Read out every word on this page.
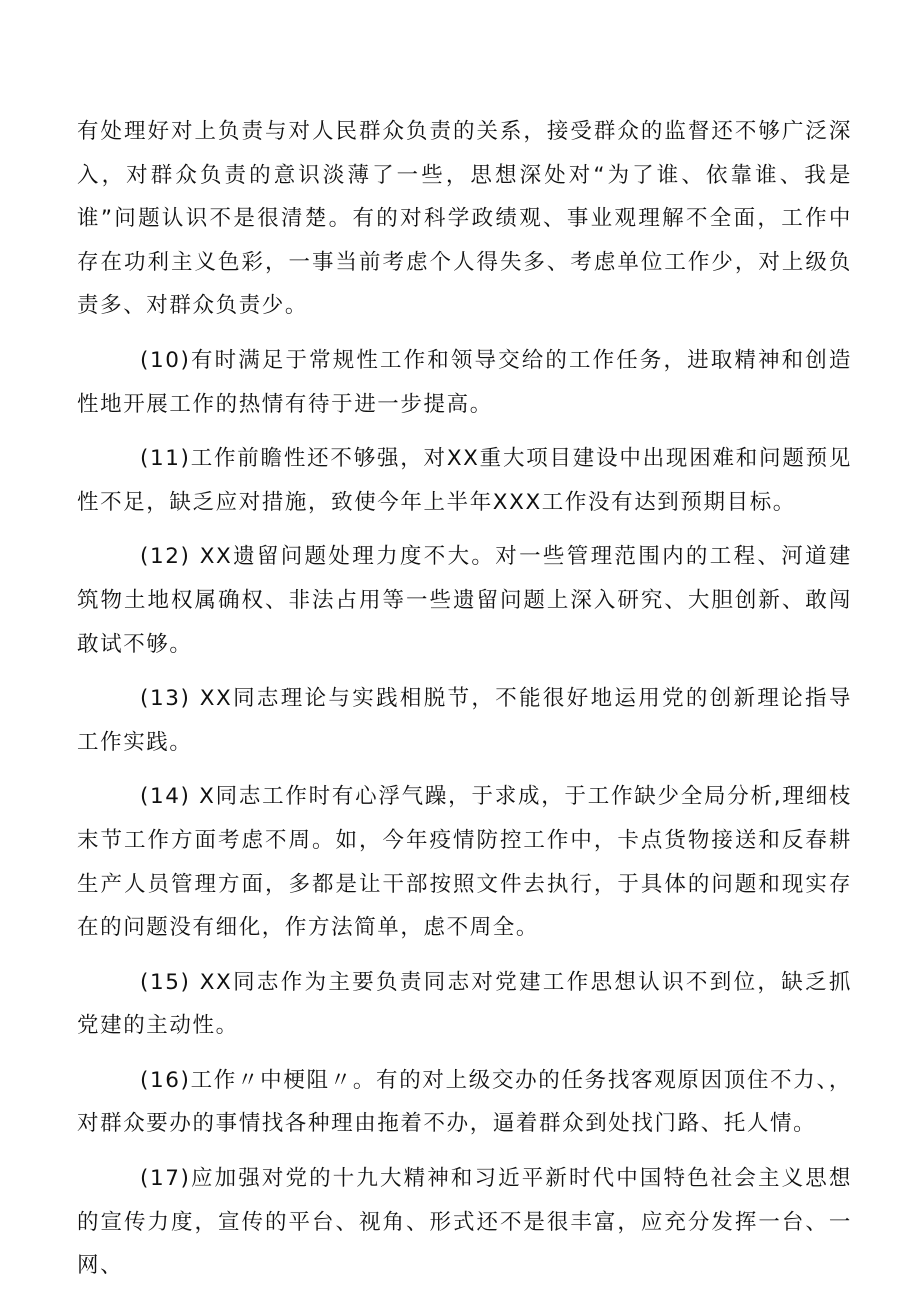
有处理好对上负责与对人民群众负责的关系，接受群众的监督还不够广泛深入，对群众负责的意识淡薄了一些，思想深处对“为了谁、依靠谁、我是谁”问题认识不是很清楚。有的对科学政绩观、事业观理解不全面，工作中存在功利主义色彩，一事当前考虑个人得失多、考虑单位工作少，对上级负责多、对群众负责少。

(10)有时满足于常规性工作和领导交给的工作任务，进取精神和创造性地开展工作的热情有待于进一步提高。

(11)工作前瞻性还不够强，对XX重大项目建设中出现困难和问题预见性不足，缺乏应对措施，致使今年上半年XXX工作没有达到预期目标。

(12) XX遗留问题处理力度不大。对一些管理范围内的工程、河道建筑物土地权属确权、非法占用等一些遗留问题上深入研究、大胆创新、敢闯敢试不够。

(13) XX同志理论与实践相脱节，不能很好地运用党的创新理论指导工作实践。

(14) X同志工作时有心浮气躁，于求成，于工作缺少全局分析,理细枝末节工作方面考虑不周。如，今年疫情防控工作中，卡点货物接送和反春耕生产人员管理方面，多都是让干部按照文件去执行，于具体的问题和现实存在的问题没有细化，作方法简单，虑不周全。

(15) XX同志作为主要负责同志对党建工作思想认识不到位，缺乏抓党建的主动性。

(16)工作〃中梗阻〃。有的对上级交办的任务找客观原因顶住不力、，对群众要办的事情找各种理由拖着不办，逼着群众到处找门路、托人情。

(17)应加强对党的十九大精神和习近平新时代中国特色社会主义思想的宣传力度，宣传的平台、视角、形式还不是很丰富，应充分发挥一台、一网、
